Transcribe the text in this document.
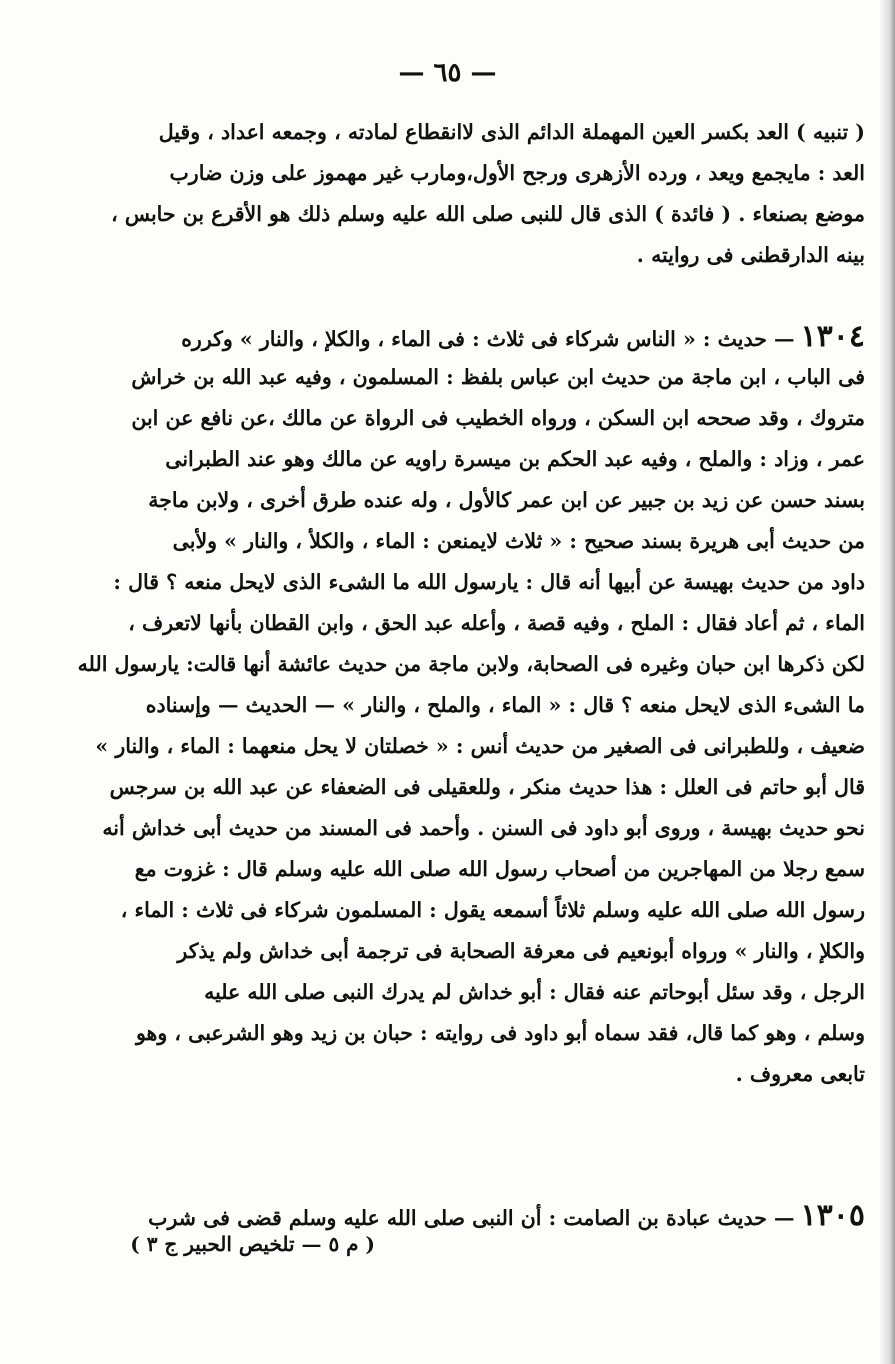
— ٦٥ —
( تنبيه ) العد بكسر العين المهملة الدائم الذى لاانقطاع لمادته ، وجمعه اعداد ، وقيل
العد : مايجمع ويعد ، ورده الأزهرى ورجح الأول،ومارب غير مهموز على وزن ضارب
موضع بصنعاء . ( فائدة ) الذى قال للنبى صلى الله عليه وسلم ذلك هو الأقرع بن حابس ،
بينه الدارقطنى فى روايته .
١٣٠٤— حديث : « الناس شركاء فى ثلاث : فى الماء ، والكلإ ، والنار » وكرره
فى الباب ، ابن ماجة من حديث ابن عباس بلفظ : المسلمون ، وفيه عبد الله بن خراش
متروك ، وقد صححه ابن السكن ، ورواه الخطيب فى الرواة عن مالك ،عن نافع عن ابن
عمر ، وزاد : والملح ، وفيه عبد الحكم بن ميسرة راويه عن مالك وهو عند الطبرانى
بسند حسن عن زيد بن جبير عن ابن عمر كالأول ، وله عنده طرق أخرى ، ولابن ماجة
من حديث أبى هريرة بسند صحيح : « ثلاث لايمنعن : الماء ، والكلأ ، والنار » ولأبى
داود من حديث بهيسة عن أبيها أنه قال : يارسول الله ما الشىء الذى لايحل منعه ؟ قال :
الماء ، ثم أعاد فقال : الملح ، وفيه قصة ، وأعله عبد الحق ، وابن القطان بأنها لاتعرف ،
لكن ذكرها ابن حبان وغيره فى الصحابة، ولابن ماجة من حديث عائشة أنها قالت: يارسول الله
ما الشىء الذى لايحل منعه ؟ قال : « الماء ، والملح ، والنار » — الحديث — وإسناده
ضعيف ، وللطبرانى فى الصغير من حديث أنس : « خصلتان لا يحل منعهما : الماء ، والنار »
قال أبو حاتم فى العلل : هذا حديث منكر ، وللعقيلى فى الضعفاء عن عبد الله بن سرجس
نحو حديث بهيسة ، وروى أبو داود فى السنن . وأحمد فى المسند من حديث أبى خداش أنه
سمع رجلا من المهاجرين من أصحاب رسول الله صلى الله عليه وسلم قال : غزوت مع
رسول الله صلى الله عليه وسلم ثلاثاً أسمعه يقول : المسلمون شركاء فى ثلاث : الماء ،
والكلإ ، والنار » ورواه أبونعيم فى معرفة الصحابة فى ترجمة أبى خداش ولم يذكر
الرجل ، وقد سئل أبوحاتم عنه فقال : أبو خداش لم يدرك النبى صلى الله عليه
وسلم ، وهو كما قال، فقد سماه أبو داود فى روايته : حبان بن زيد وهو الشرعبى ، وهو
تابعى معروف .
١٣٠٥— حديث عبادة بن الصامت : أن النبى صلى الله عليه وسلم قضى فى شرب
( م ٥ — تلخيص الحبير ج ٣ )
